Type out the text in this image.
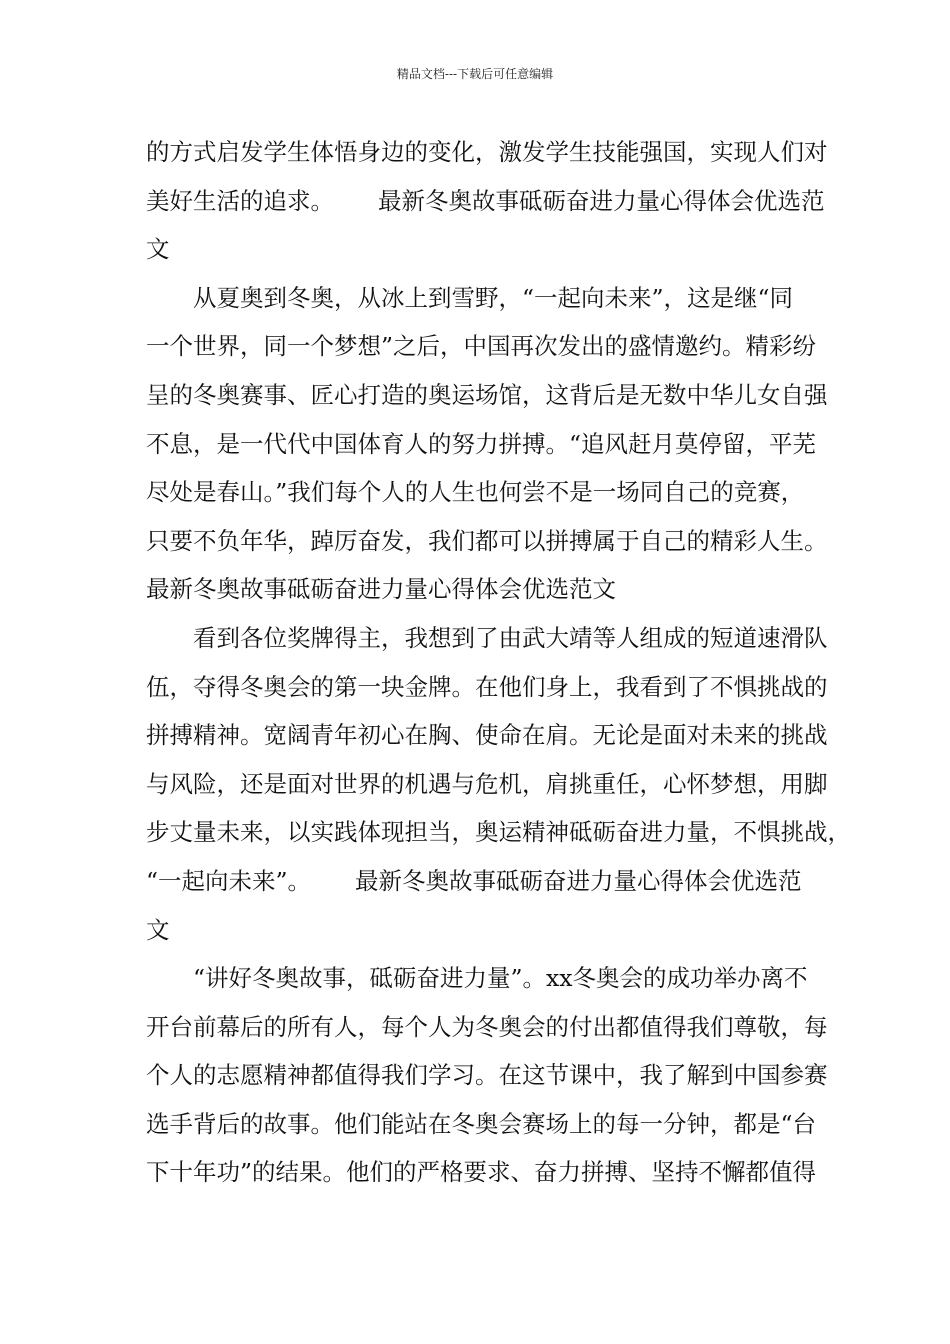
精品文档---下载后可任意编辑
的方式启发学生体悟身边的变化，激发学生技能强国，实现人们对
美好生活的追求。 最新冬奥故事砥砺奋进力量心得体会优选范
文
从夏奥到冬奥，从冰上到雪野，“一起向未来”，这是继“同
一个世界，同一个梦想”之后，中国再次发出的盛情邀约。精彩纷
呈的冬奥赛事、匠心打造的奥运场馆，这背后是无数中华儿女自强
不息，是一代代中国体育人的努力拼搏。“追风赶月莫停留，平芜
尽处是春山。”我们每个人的人生也何尝不是一场同自己的竞赛，
只要不负年华，踔厉奋发，我们都可以拼搏属于自己的精彩人生。
最新冬奥故事砥砺奋进力量心得体会优选范文
看到各位奖牌得主，我想到了由武大靖等人组成的短道速滑队
伍，夺得冬奥会的第一块金牌。在他们身上，我看到了不惧挑战的
拼搏精神。宽阔青年初心在胸、使命在肩。无论是面对未来的挑战
与风险，还是面对世界的机遇与危机，肩挑重任，心怀梦想，用脚
步丈量未来，以实践体现担当，奥运精神砥砺奋进力量，不惧挑战，
“一起向未来”。 最新冬奥故事砥砺奋进力量心得体会优选范
文
“讲好冬奥故事，砥砺奋进力量”。xx冬奥会的成功举办离不
开台前幕后的所有人，每个人为冬奥会的付出都值得我们尊敬，每
个人的志愿精神都值得我们学习。在这节课中，我了解到中国参赛
选手背后的故事。他们能站在冬奥会赛场上的每一分钟，都是“台
下十年功”的结果。他们的严格要求、奋力拼搏、坚持不懈都值得
